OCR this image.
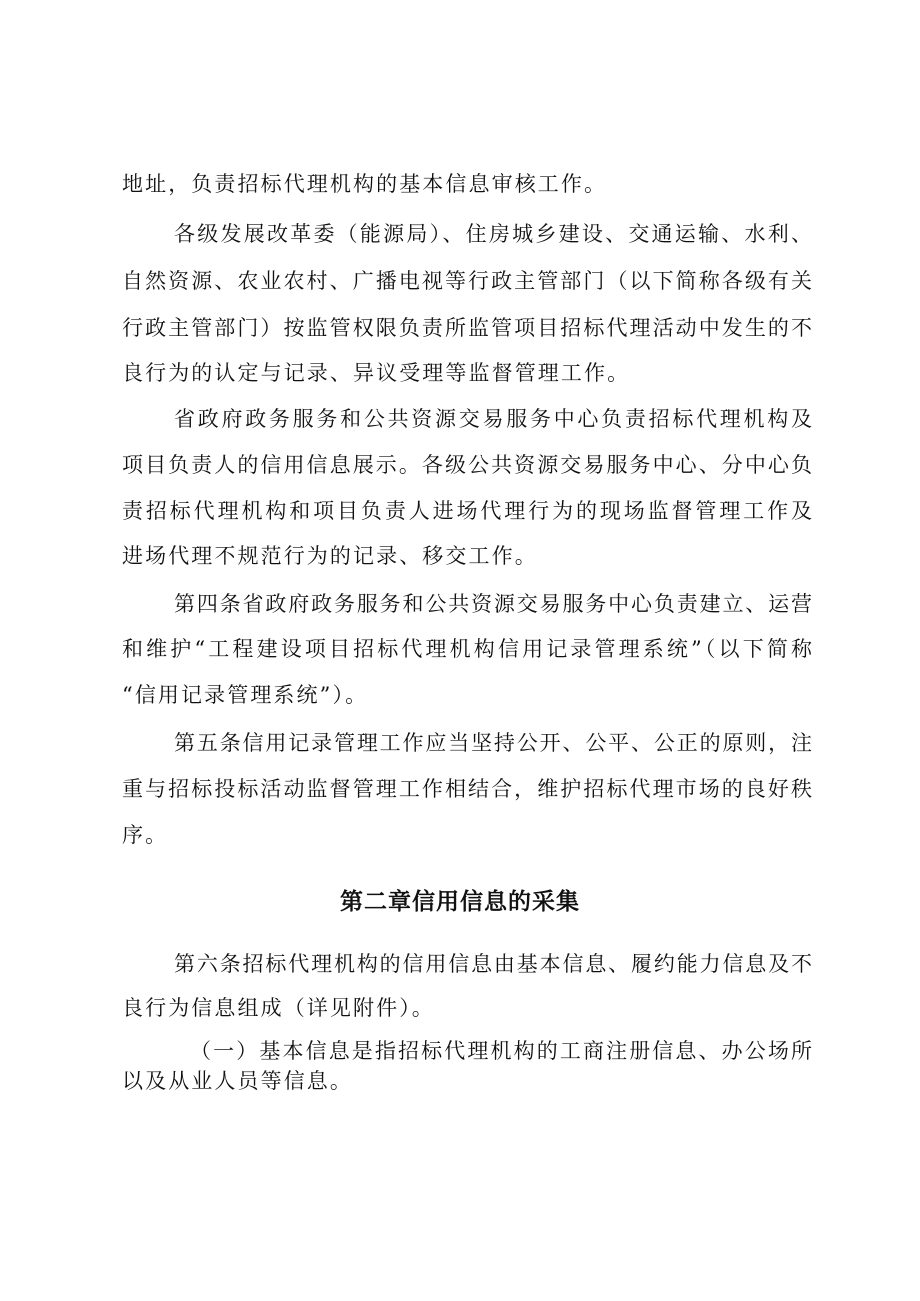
地址，负责招标代理机构的基本信息审核工作。

各级发展改革委（能源局）、住房城乡建设、交通运输、水利、

自然资源、农业农村、广播电视等行政主管部门（以下简称各级有关

行政主管部门）按监管权限负责所监管项目招标代理活动中发生的不

良行为的认定与记录、异议受理等监督管理工作。

省政府政务服务和公共资源交易服务中心负责招标代理机构及

项目负责人的信用信息展示。各级公共资源交易服务中心、分中心负

责招标代理机构和项目负责人进场代理行为的现场监督管理工作及

进场代理不规范行为的记录、移交工作。

第四条省政府政务服务和公共资源交易服务中心负责建立、运营

和维护“工程建设项目招标代理机构信用记录管理系统”（以下简称

“信用记录管理系统”）。

第五条信用记录管理工作应当坚持公开、公平、公正的原则，注

重与招标投标活动监督管理工作相结合，维护招标代理市场的良好秩

序。

第二章信用信息的采集

第六条招标代理机构的信用信息由基本信息、履约能力信息及不

良行为信息组成（详见附件）。

（一）基本信息是指招标代理机构的工商注册信息、办公场所

以及从业人员等信息。
